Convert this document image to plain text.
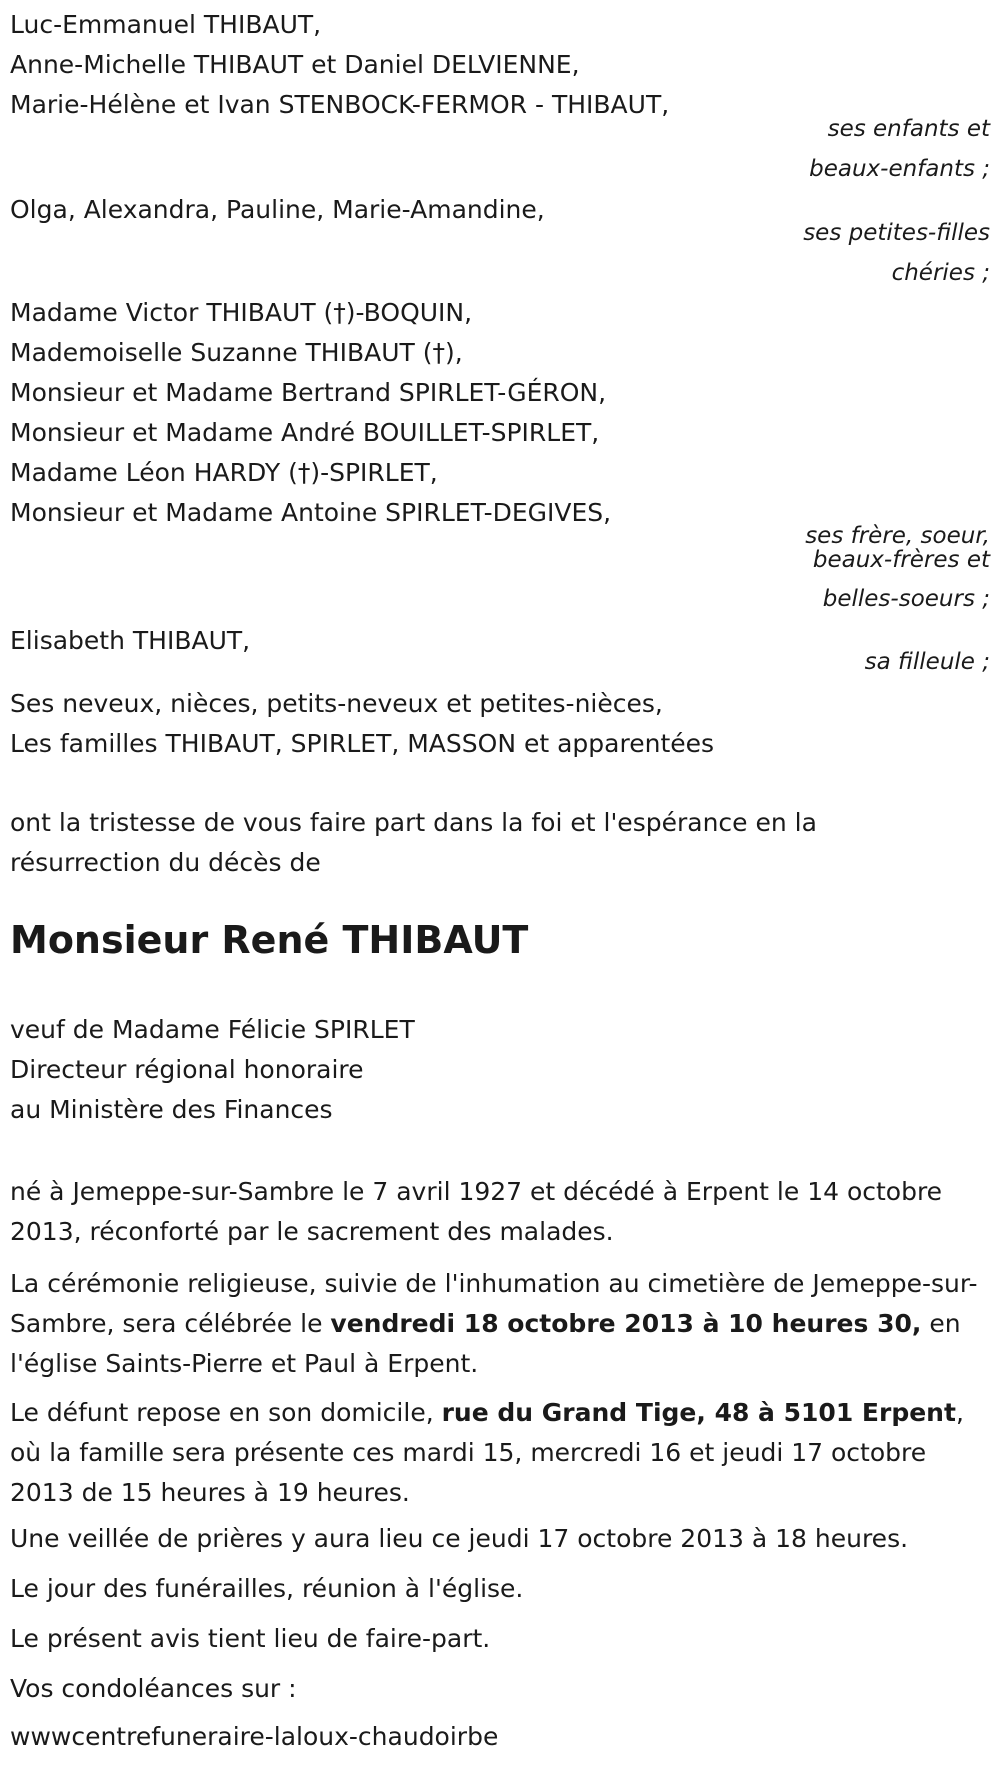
Luc-Emmanuel THIBAUT,

Anne-Michelle THIBAUT et Daniel DELVIENNE,

Marie-Hélène et Ivan STENBOCK-FERMOR - THIBAUT,

ses enfants et

beaux-enfants ;

Olga, Alexandra, Pauline, Marie-Amandine,

ses petites-filles

chéries ;

Madame Victor THIBAUT (†)-BOQUIN,

Mademoiselle Suzanne THIBAUT (†),

Monsieur et Madame Bertrand SPIRLET-GÉRON,

Monsieur et Madame André BOUILLET-SPIRLET,

Madame Léon HARDY (†)-SPIRLET,

Monsieur et Madame Antoine SPIRLET-DEGIVES,

ses frère, soeur,

beaux-frères et

belles-soeurs ;

Elisabeth THIBAUT,

sa filleule ;

Ses neveux, nièces, petits-neveux et petites-nièces,

Les familles THIBAUT, SPIRLET, MASSON et apparentées

ont la tristesse de vous faire part dans la foi et l'espérance en la

résurrection du décès de

Monsieur René THIBAUT

veuf de Madame Félicie SPIRLET

Directeur régional honoraire

au Ministère des Finances

né à Jemeppe-sur-Sambre le 7 avril 1927 et décédé à Erpent le 14 octobre 2013, réconforté par le sacrement des malades.

La cérémonie religieuse, suivie de l'inhumation au cimetière de Jemeppe-sur-Sambre, sera célébrée le vendredi 18 octobre 2013 à 10 heures 30, en l'église Saints-Pierre et Paul à Erpent.

Le défunt repose en son domicile, rue du Grand Tige, 48 à 5101 Erpent, où la famille sera présente ces mardi 15, mercredi 16 et jeudi 17 octobre 2013 de 15 heures à 19 heures.

Une veillée de prières y aura lieu ce jeudi 17 octobre 2013 à 18 heures.

Le jour des funérailles, réunion à l'église.

Le présent avis tient lieu de faire-part.

Vos condoléances sur :

wwwcentrefuneraire-laloux-chaudoirbe
